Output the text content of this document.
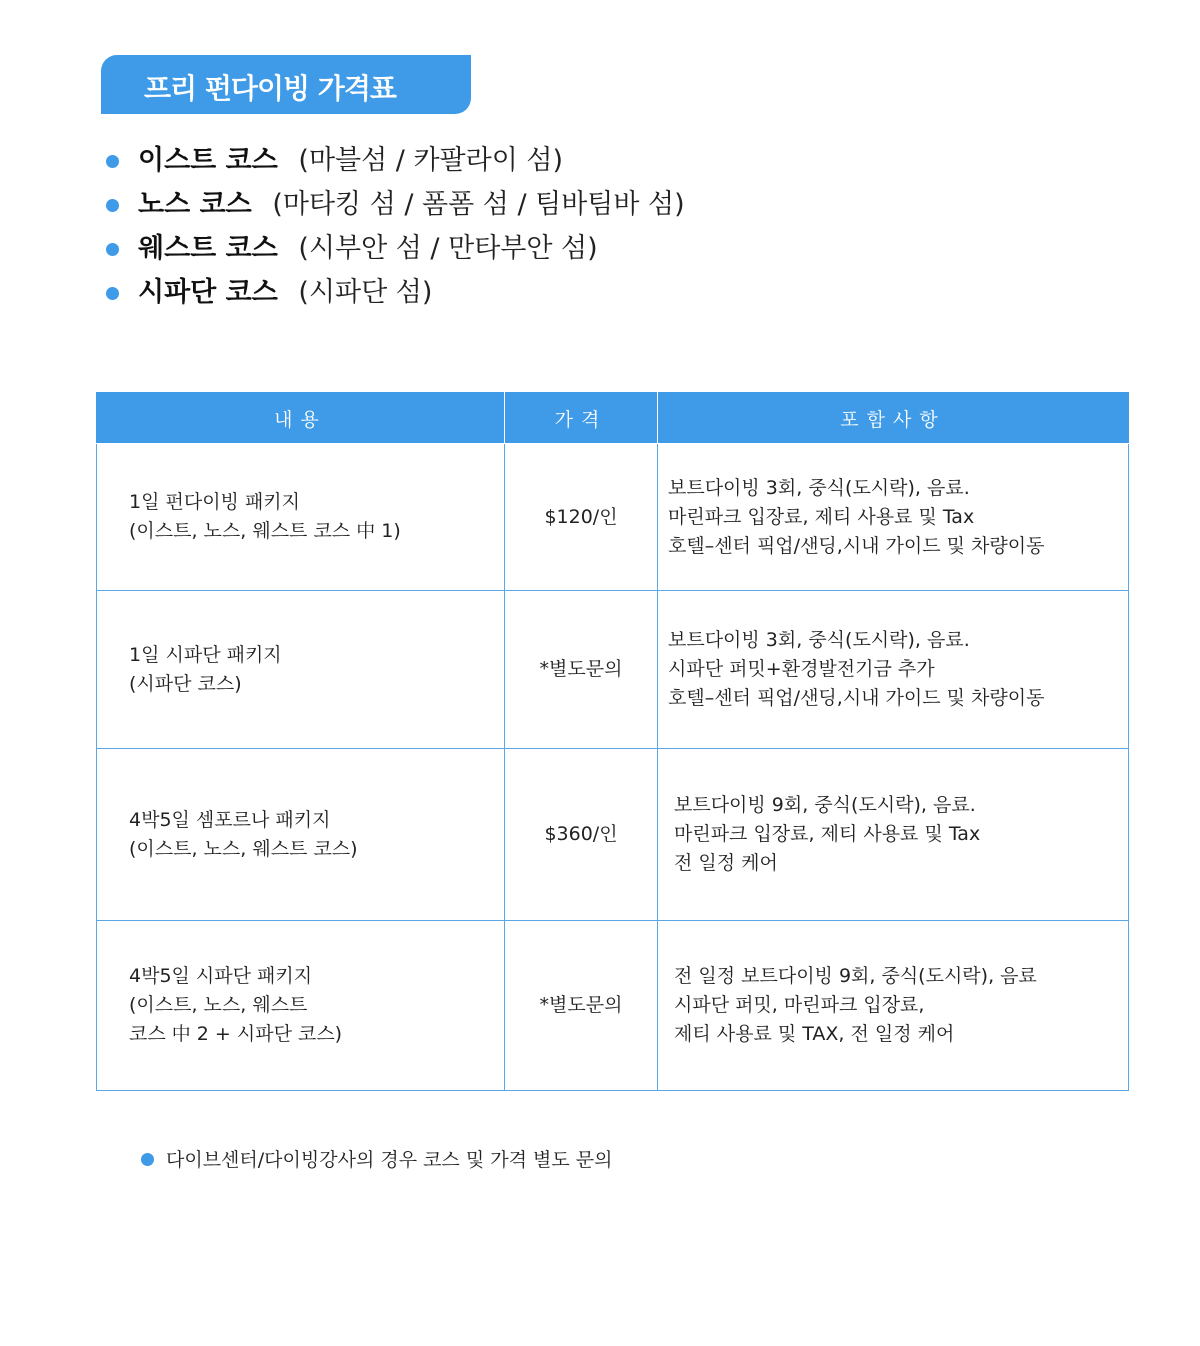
프리 펀다이빙 가격표
이스트 코스 (마블섬 / 카팔라이 섬)
노스 코스 (마타킹 섬 / 폼폼 섬 / 팀바팀바 섬)
웨스트 코스 (시부안 섬 / 만타부안 섬)
시파단 코스 (시파단 섬)
내용	가격	포함사항

1일 펀다이빙 패키지
(이스트, 노스, 웨스트 코스 中 1)	$120/인	보트다이빙 3회, 중식(도시락), 음료.
마린파크 입장료, 제티 사용료 및 Tax
호텔–센터 픽업/샌딩,시내 가이드 및 차량이동

1일 시파단 패키지
(시파단 코스)	*별도문의	보트다이빙 3회, 중식(도시락), 음료.
시파단 퍼밋+환경발전기금 추가
호텔–센터 픽업/샌딩,시내 가이드 및 차량이동

4박5일 셈포르나 패키지
(이스트, 노스, 웨스트 코스)	$360/인	보트다이빙 9회, 중식(도시락), 음료.
마린파크 입장료, 제티 사용료 및 Tax
전 일정 케어

4박5일 시파단 패키지
(이스트, 노스, 웨스트
코스 中 2 + 시파단 코스)	*별도문의	전 일정 보트다이빙 9회, 중식(도시락), 음료
시파단 퍼밋, 마린파크 입장료,
제티 사용료 및 TAX, 전 일정 케어
다이브센터/다이빙강사의 경우 코스 및 가격 별도 문의
